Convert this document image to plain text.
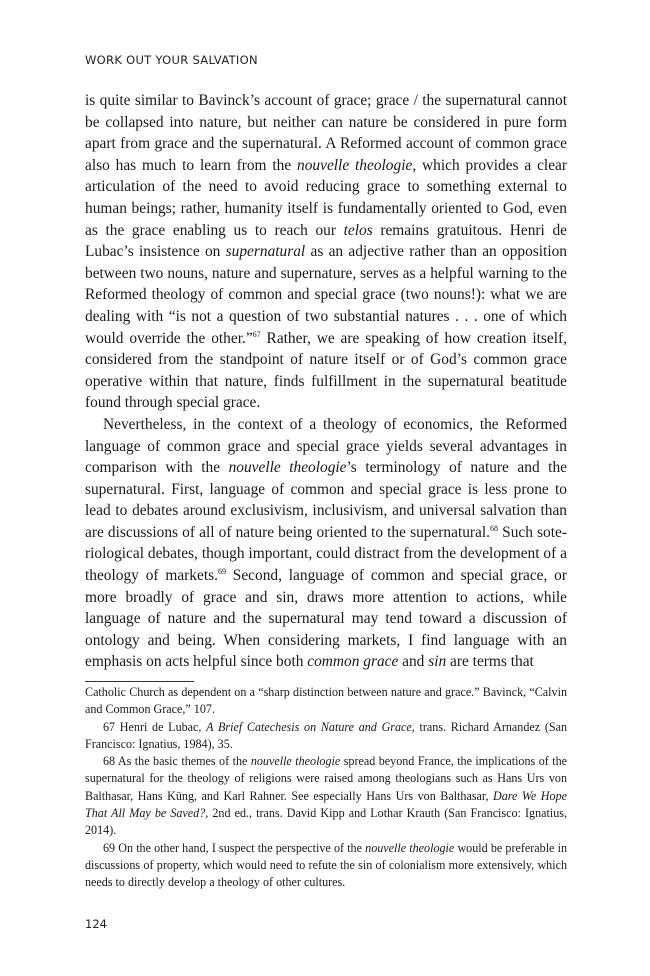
WORK OUT YOUR SALVATION

is quite similar to Bavinck’s account of grace; grace / the supernatural cannot be collapsed into nature, but neither can nature be considered in pure form apart from grace and the supernatural. A Reformed account of common grace also has much to learn from the nouvelle theologie, which provides a clear articulation of the need to avoid reducing grace to something external to human beings; rather, humanity itself is fundamentally oriented to God, even as the grace enabling us to reach our telos remains gratuitous. Henri de Lubac’s insistence on supernatural as an adjective rather than an opposition between two nouns, nature and supernature, serves as a helpful warning to the Reformed theology of common and special grace (two nouns!): what we are dealing with “is not a question of two substantial natures . . . one of which would override the other.”$^{67}$ Rather, we are speaking of how creation itself, considered from the standpoint of nature itself or of God’s common grace operative within that nature, finds fulfillment in the supernatural beatitude found through special grace.

Nevertheless, in the context of a theology of economics, the Reformed language of common grace and special grace yields several advantages in comparison with the nouvelle theologie’s terminology of nature and the supernatural. First, language of common and special grace is less prone to lead to debates around exclusivism, inclusivism, and universal salvation than are discussions of all of nature being oriented to the supernatural.$^{68}$ Such soteriological debates, though important, could distract from the development of a theology of markets.$^{69}$ Second, language of common and special grace, or more broadly of grace and sin, draws more attention to actions, while language of nature and the supernatural may tend toward a discussion of ontology and being. When considering markets, I find language with an emphasis on acts helpful since both common grace and sin are terms that

Catholic Church as dependent on a “sharp distinction between nature and grace.” Bavinck, “Calvin and Common Grace,” 107.

67 Henri de Lubac, A Brief Catechesis on Nature and Grace, trans. Richard Arnandez (San Francisco: Ignatius, 1984), 35.

68 As the basic themes of the nouvelle theologie spread beyond France, the implications of the supernatural for the theology of religions were raised among theologians such as Hans Urs von Balthasar, Hans Küng, and Karl Rahner. See especially Hans Urs von Balthasar, Dare We Hope That All May be Saved?, 2nd ed., trans. David Kipp and Lothar Krauth (San Francisco: Ignatius, 2014).

69 On the other hand, I suspect the perspective of the nouvelle theologie would be preferable in discussions of property, which would need to refute the sin of colonialism more extensively, which needs to directly develop a theology of other cultures.

124
